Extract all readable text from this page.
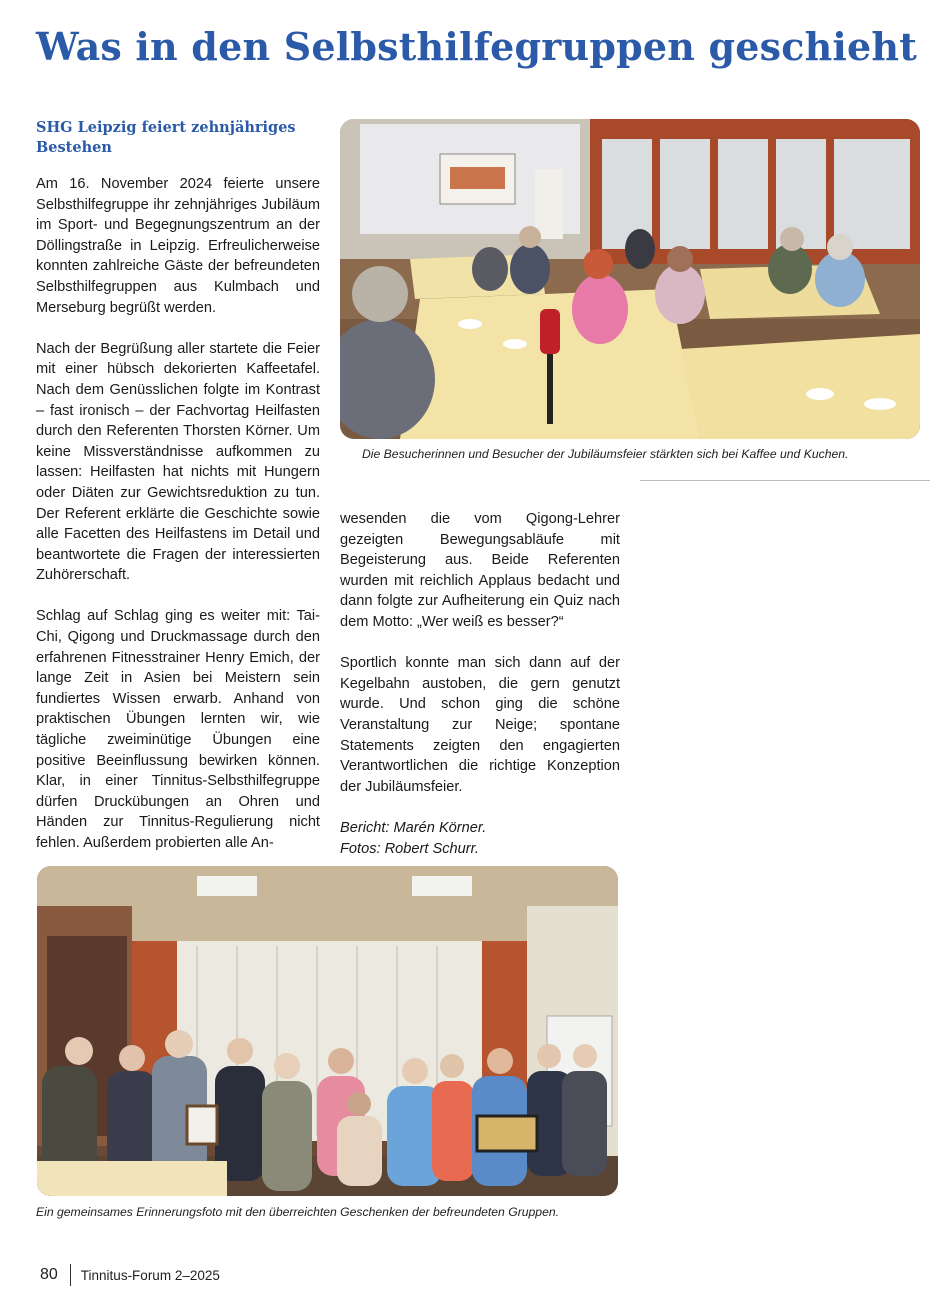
Was in den Selbsthilfegruppen geschieht
SHG Leipzig feiert zehnjähriges Bestehen

Am 16. November 2024 feierte unsere Selbsthilfegruppe ihr zehnjähriges Jubiläum im Sport- und Begegnungszentrum an der Döllingstraße in Leipzig. Erfreulicherweise konnten zahlreiche Gäste der befreundeten Selbsthilfegruppen aus Kulmbach und Merseburg begrüßt werden.

Nach der Begrüßung aller startete die Feier mit einer hübsch dekorierten Kaffeetafel. Nach dem Genüsslichen folgte im Kontrast – fast ironisch – der Fachvortag Heilfasten durch den Referenten Thorsten Körner. Um keine Missverständnisse aufkommen zu lassen: Heilfasten hat nichts mit Hungern oder Diäten zur Gewichtsreduktion zu tun. Der Referent erklärte die Geschichte sowie alle Facetten des Heilfastens im Detail und beantwortete die Fragen der interessierten Zuhörerschaft.

Schlag auf Schlag ging es weiter mit: Tai-Chi, Qigong und Druckmassage durch den erfahrenen Fitnesstrainer Henry Emich, der lange Zeit in Asien bei Meistern sein fundiertes Wissen erwarb. Anhand von praktischen Übungen lernten wir, wie tägliche zweiminütige Übungen eine positive Beeinflussung bewirken können. Klar, in einer Tinnitus-Selbsthilfegruppe dürfen Druckübungen an Ohren und Händen zur Tinnitus-Regulierung nicht fehlen. Außerdem probierten alle An-

wesenden die vom Qigong-Lehrer gezeigten Bewegungsabläufe mit Begeisterung aus. Beide Referenten wurden mit reichlich Applaus bedacht und dann folgte zur Aufheiterung ein Quiz nach dem Motto: „Wer weiß es besser?“

Sportlich konnte man sich dann auf der Kegelbahn austoben, die gern genutzt wurde. Und schon ging die schöne Veranstaltung zur Neige; spontane Statements zeigten den engagierten Verantwortlichen die richtige Konzeption der Jubiläumsfeier.

Bericht: Marén Körner.

Fotos: Robert Schurr.

Die Besucherinnen und Besucher der Jubiläumsfeier stärkten sich bei Kaffee und Kuchen.
Ein gemeinsames Erinnerungsfoto mit den überreichten Geschenken der befreundeten Gruppen.
80 Tinnitus-Forum 2–2025
